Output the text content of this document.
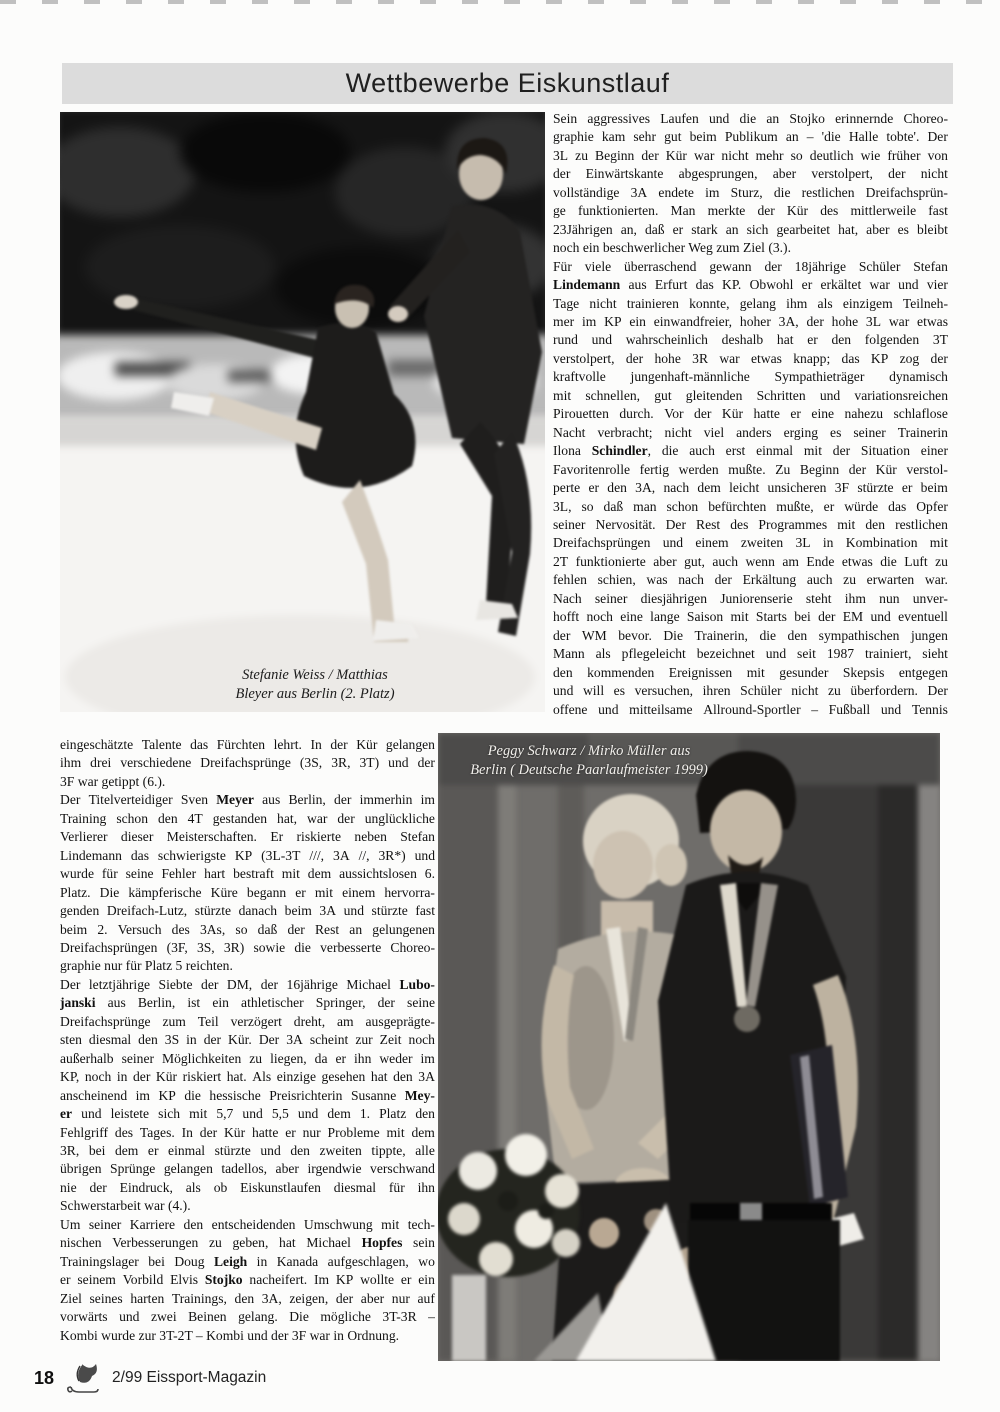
Wettbewerbe Eiskunstlauf
Stefanie Weiss / Matthias
Bleyer aus Berlin (2. Platz)
Sein aggressives Laufen und die an Stojko erinnernde Choreo-
graphie kam sehr gut beim Publikum an – 'die Halle tobte'. Der
3L zu Beginn der Kür war nicht mehr so deutlich wie früher von
der Einwärtskante abgesprungen, aber verstolpert, der nicht
vollständige 3A endete im Sturz, die restlichen Dreifachsprün-
ge funktionierten. Man merkte der Kür des mittlerweile fast
23Jährigen an, daß er stark an sich gearbeitet hat, aber es bleibt
noch ein beschwerlicher Weg zum Ziel (3.).
Für viele überraschend gewann der 18jährige Schüler Stefan
Lindemann aus Erfurt das KP. Obwohl er erkältet war und vier
Tage nicht trainieren konnte, gelang ihm als einzigem Teilneh-
mer im KP ein einwandfreier, hoher 3A, der hohe 3L war etwas
rund und wahrscheinlich deshalb hat er den folgenden 3T
verstolpert, der hohe 3R war etwas knapp; das KP zog der
kraftvolle jungenhaft-männliche Sympathieträger dynamisch
mit schnellen, gut gleitenden Schritten und variationsreichen
Pirouetten durch. Vor der Kür hatte er eine nahezu schlaflose
Nacht verbracht; nicht viel anders erging es seiner Trainerin
Ilona Schindler, die auch erst einmal mit der Situation einer
Favoritenrolle fertig werden mußte. Zu Beginn der Kür verstol-
perte er den 3A, nach dem leicht unsicheren 3F stürzte er beim
3L, so daß man schon befürchten mußte, er würde das Opfer
seiner Nervosität. Der Rest des Programmes mit den restlichen
Dreifachsprüngen und einem zweiten 3L in Kombination mit
2T funktionierte aber gut, auch wenn am Ende etwas die Luft zu
fehlen schien, was nach der Erkältung auch zu erwarten war.
Nach seiner diesjährigen Juniorenserie steht ihm nun unver-
hofft noch eine lange Saison mit Starts bei der EM und eventuell
der WM bevor. Die Trainerin, die den sympathischen jungen
Mann als pflegeleicht bezeichnet und seit 1987 trainiert, sieht
den kommenden Ereignissen mit gesunder Skepsis entgegen
und will es versuchen, ihren Schüler nicht zu überfordern. Der
offene und mitteilsame Allround-Sportler – Fußball und Tennis
eingeschätzte Talente das Fürchten lehrt. In der Kür gelangen
ihm drei verschiedene Dreifachsprünge (3S, 3R, 3T) und der
3F war getippt (6.).
Der Titelverteidiger Sven Meyer aus Berlin, der immerhin im
Training schon den 4T gestanden hat, war der unglückliche
Verlierer dieser Meisterschaften. Er riskierte neben Stefan
Lindemann das schwierigste KP (3L-3T ///, 3A //, 3R*) und
wurde für seine Fehler hart bestraft mit dem aussichtslosen 6.
Platz. Die kämpferische Küre begann er mit einem hervorra-
genden Dreifach-Lutz, stürzte danach beim 3A und stürzte fast
beim 2. Versuch des 3As, so daß der Rest an gelungenen
Dreifachsprüngen (3F, 3S, 3R) sowie die verbesserte Choreo-
graphie nur für Platz 5 reichten.
Der letztjährige Siebte der DM, der 16jährige Michael Lubo-
janski aus Berlin, ist ein athletischer Springer, der seine
Dreifachsprünge zum Teil verzögert dreht, am ausgeprägte-
sten diesmal den 3S in der Kür. Der 3A scheint zur Zeit noch
außerhalb seiner Möglichkeiten zu liegen, da er ihn weder im
KP, noch in der Kür riskiert hat. Als einzige gesehen hat den 3A
anscheinend im KP die hessische Preisrichterin Susanne Mey-
er und leistete sich mit 5,7 und 5,5 und dem 1. Platz den
Fehlgriff des Tages. In der Kür hatte er nur Probleme mit dem
3R, bei dem er einmal stürzte und den zweiten tippte, alle
übrigen Sprünge gelangen tadellos, aber irgendwie verschwand
nie der Eindruck, als ob Eiskunstlaufen diesmal für ihn
Schwerstarbeit war (4.).
Um seiner Karriere den entscheidenden Umschwung mit tech-
nischen Verbesserungen zu geben, hat Michael Hopfes sein
Trainingslager bei Doug Leigh in Kanada aufgeschlagen, wo
er seinem Vorbild Elvis Stojko nacheifert. Im KP wollte er ein
Ziel seines harten Trainings, den 3A, zeigen, der aber nur auf
vorwärts und zwei Beinen gelang. Die mögliche 3T-3R –
Kombi wurde zur 3T-2T – Kombi und der 3F war in Ordnung.
Peggy Schwarz / Mirko Müller aus
Berlin ( Deutsche Paarlaufmeister 1999)
18	2/99 Eissport-Magazin
